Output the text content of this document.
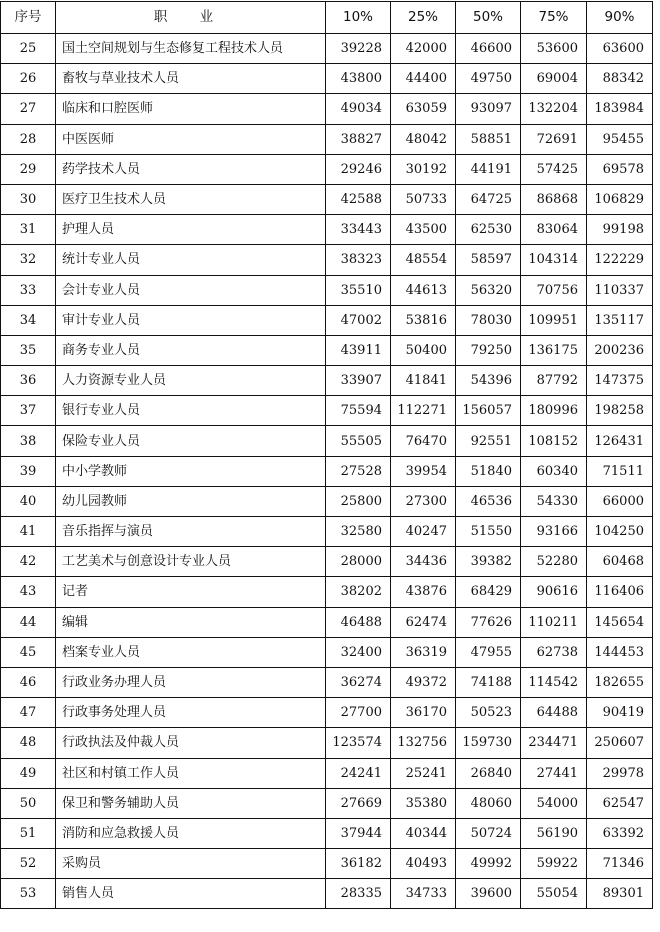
序号	职 业	10%	25%	50%	75%	90%
25	国土空间规划与生态修复工程技术人员	39228	42000	46600	53600	63600
26	畜牧与草业技术人员	43800	44400	49750	69004	88342
27	临床和口腔医师	49034	63059	93097	132204	183984
28	中医医师	38827	48042	58851	72691	95455
29	药学技术人员	29246	30192	44191	57425	69578
30	医疗卫生技术人员	42588	50733	64725	86868	106829
31	护理人员	33443	43500	62530	83064	99198
32	统计专业人员	38323	48554	58597	104314	122229
33	会计专业人员	35510	44613	56320	70756	110337
34	审计专业人员	47002	53816	78030	109951	135117
35	商务专业人员	43911	50400	79250	136175	200236
36	人力资源专业人员	33907	41841	54396	87792	147375
37	银行专业人员	75594	112271	156057	180996	198258
38	保险专业人员	55505	76470	92551	108152	126431
39	中小学教师	27528	39954	51840	60340	71511
40	幼儿园教师	25800	27300	46536	54330	66000
41	音乐指挥与演员	32580	40247	51550	93166	104250
42	工艺美术与创意设计专业人员	28000	34436	39382	52280	60468
43	记者	38202	43876	68429	90616	116406
44	编辑	46488	62474	77626	110211	145654
45	档案专业人员	32400	36319	47955	62738	144453
46	行政业务办理人员	36274	49372	74188	114542	182655
47	行政事务处理人员	27700	36170	50523	64488	90419
48	行政执法及仲裁人员	123574	132756	159730	234471	250607
49	社区和村镇工作人员	24241	25241	26840	27441	29978
50	保卫和警务辅助人员	27669	35380	48060	54000	62547
51	消防和应急救援人员	37944	40344	50724	56190	63392
52	采购员	36182	40493	49992	59922	71346
53	销售人员	28335	34733	39600	55054	89301
